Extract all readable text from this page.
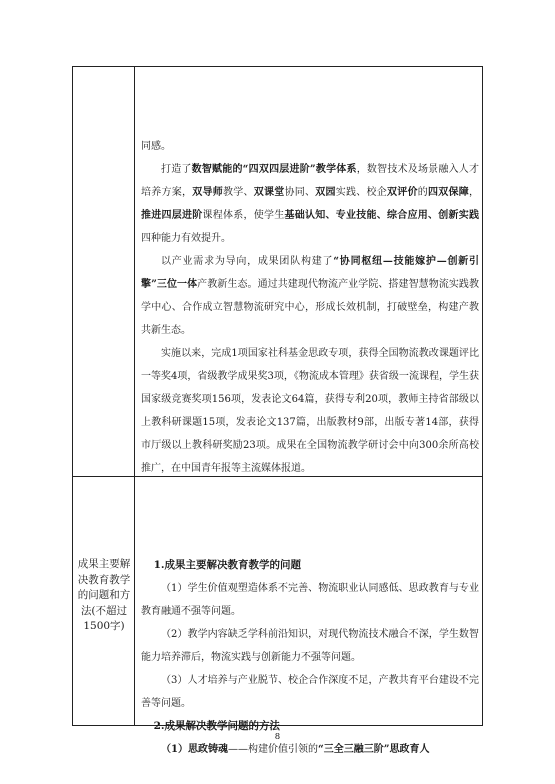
同感。

打造了数智赋能的“四双四层进阶”教学体系，数智技术及场景融入人才培养方案，双导师教学、双课堂协同、双园实践、校企双评价的四双保障，推进四层进阶课程体系，使学生基础认知、专业技能、综合应用、创新实践四种能力有效提升。

以产业需求为导向，成果团队构建了“协同枢纽—技能嫁护—创新引擎”三位一体产教新生态。通过共建现代物流产业学院、搭建智慧物流实践教学中心、合作成立智慧物流研究中心，形成长效机制，打破壁垒，构建产教共新生态。

实施以来，完成1项国家社科基金思政专项，获得全国物流教改课题评比一等奖4项，省级教学成果奖3项，《物流成本管理》获省级一流课程，学生获国家级竞赛奖项156项，发表论文64篇，获得专利20项，教师主持省部级以上教科研课题15项，发表论文137篇，出版教材9部，出版专著14部，获得市厅级以上教科研奖励23项。成果在全国物流教学研讨会中向300余所高校推广，在中国青年报等主流媒体报道。

成果主要解决教育教学的问题和方法(不超过1500字)

1.成果主要解决教育教学的问题

（1）学生价值观塑造体系不完善、物流职业认同感低、思政教育与专业教育融通不强等问题。

（2）教学内容缺乏学科前沿知识，对现代物流技术融合不深，学生数智能力培养滞后，物流实践与创新能力不强等问题。

（3）人才培养与产业脱节、校企合作深度不足，产教共育平台建设不完善等问题。

2.成果解决教学问题的方法

（1）思政铸魂——构建价值引领的“三全三融三阶”思政育人

8
